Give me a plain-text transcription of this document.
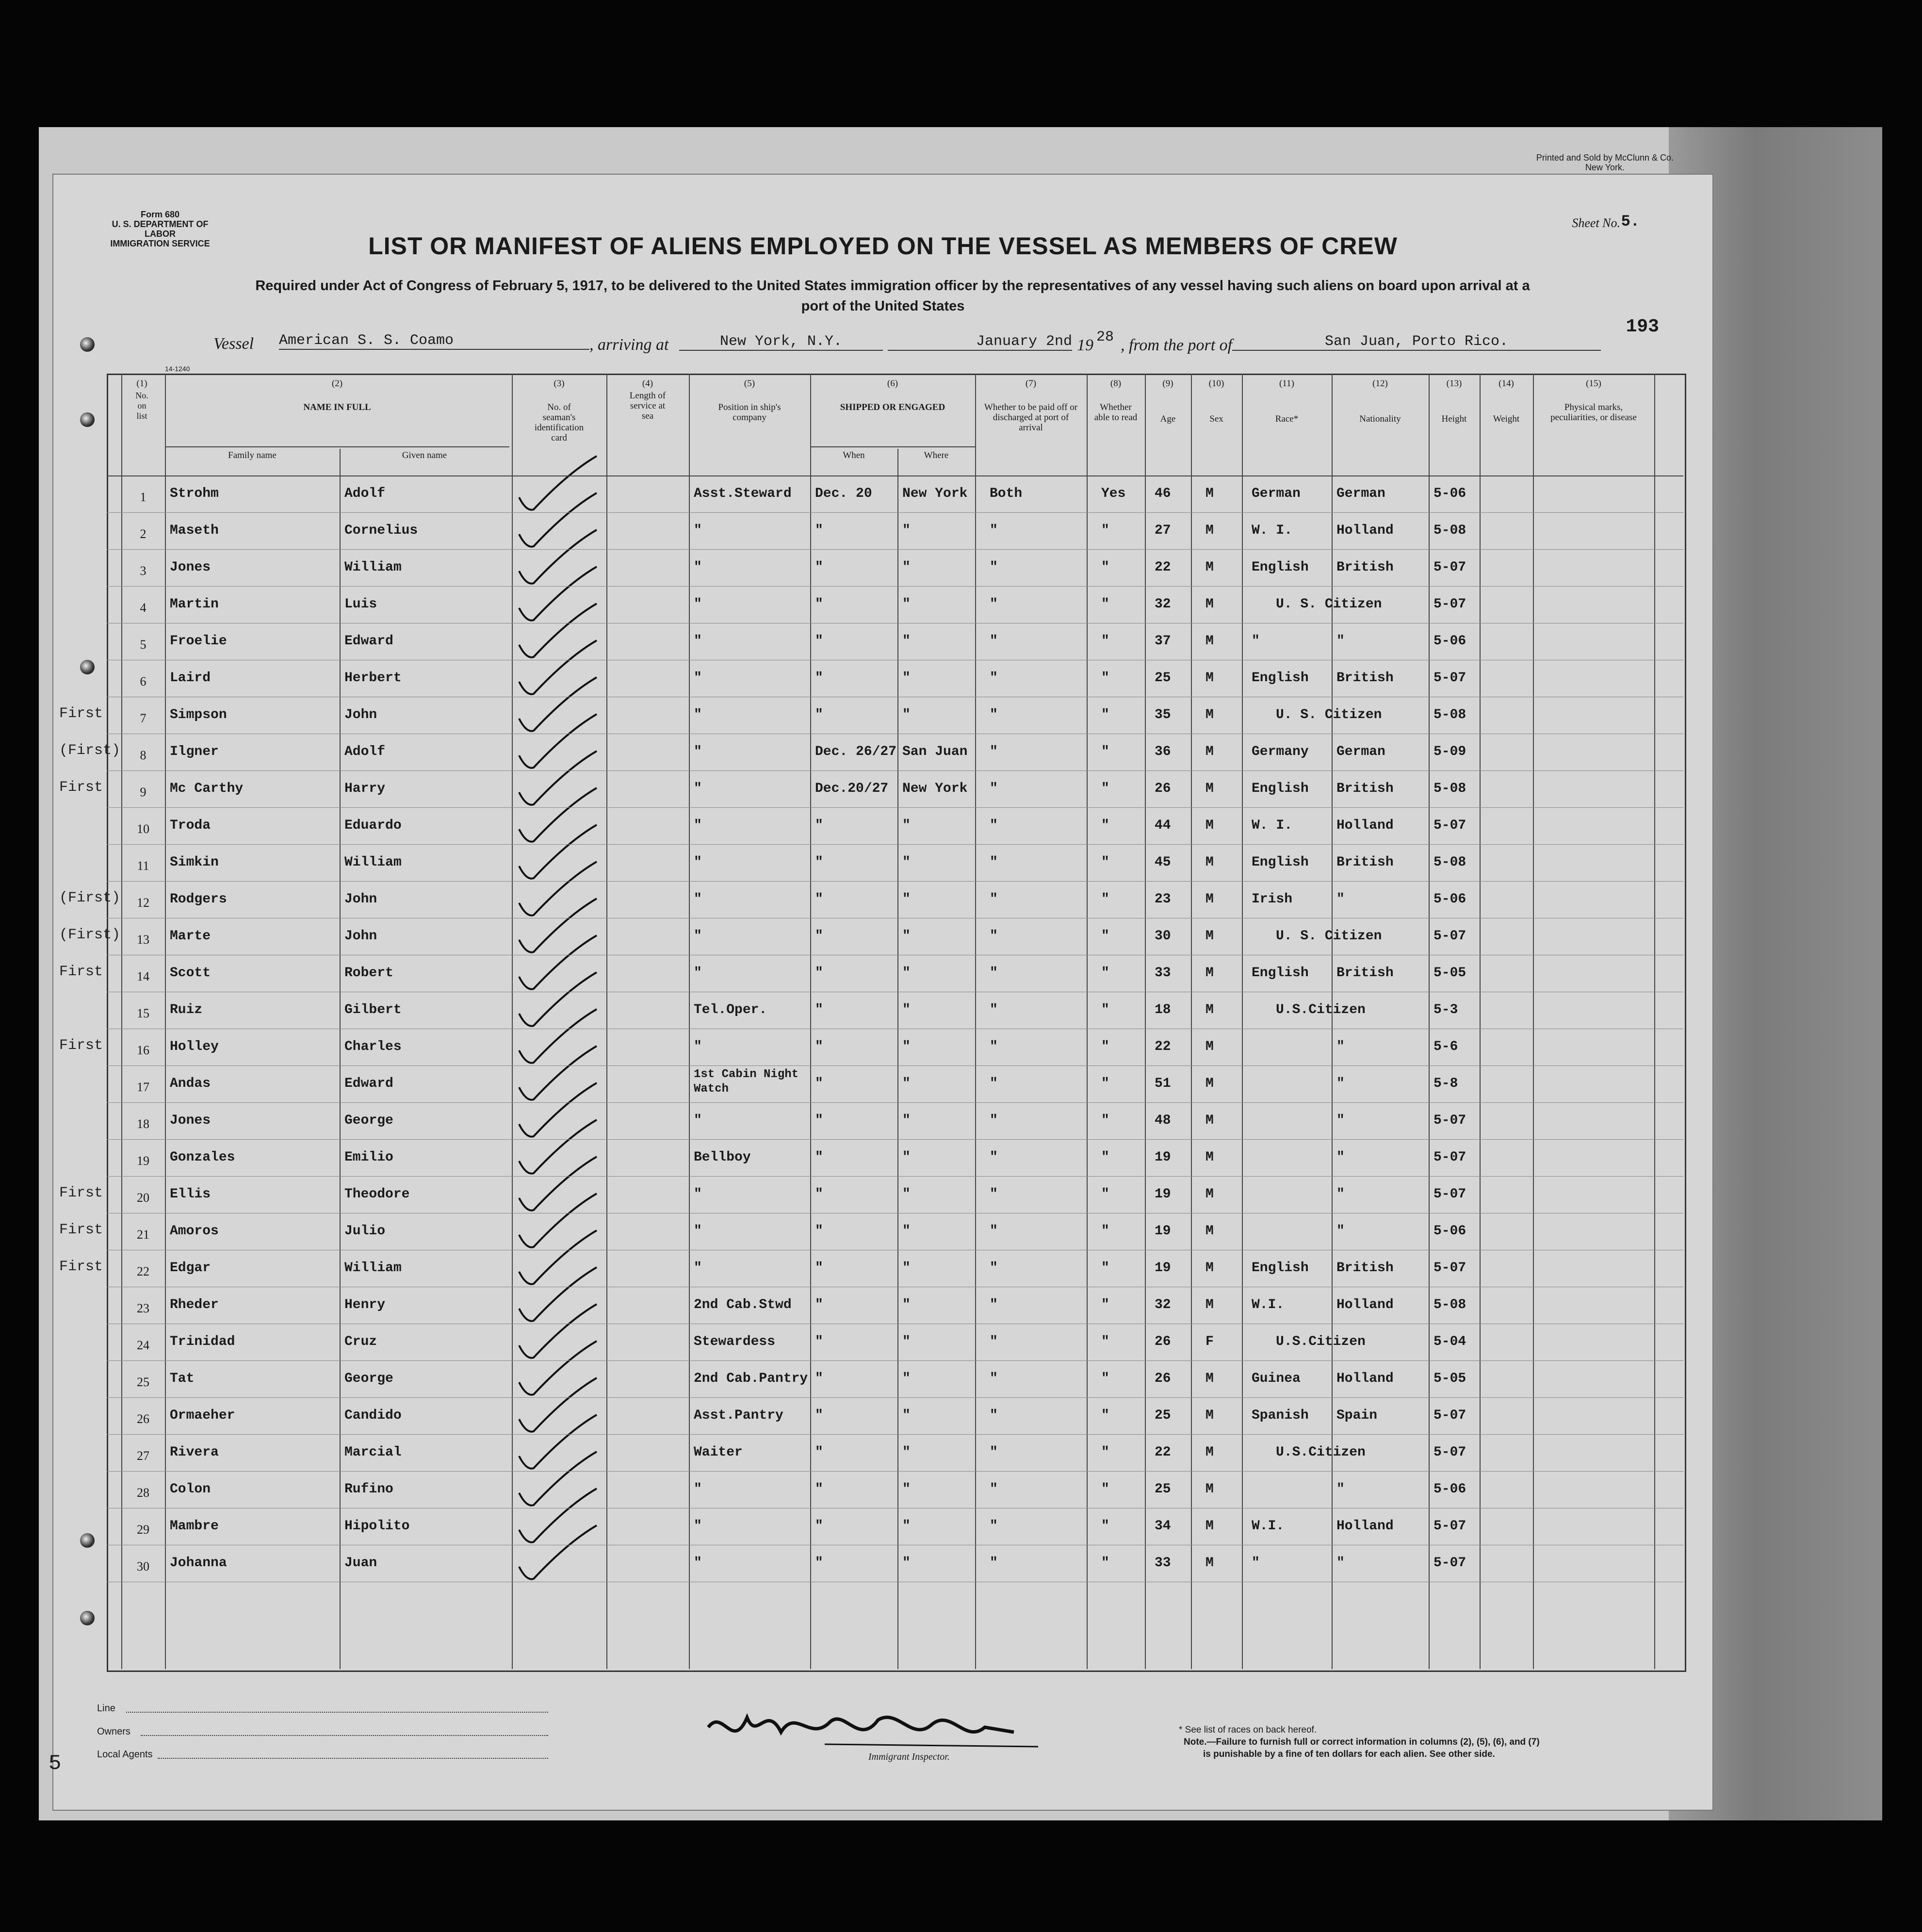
Form 680
U. S. DEPARTMENT OF LABOR
IMMIGRATION SERVICE
Printed and Sold by McClunn & Co.
New York.
Sheet No. 5.
LIST OR MANIFEST OF ALIENS EMPLOYED ON THE VESSEL AS MEMBERS OF CREW
Required under Act of Congress of February 5, 1917, to be delivered to the United States immigration officer by the representatives of any vessel having such aliens on board upon arrival at a
port of the United States
193
Vessel American S. S. Coamo	, arriving at	New York, N.Y.	January 2nd 19 28 , from the port of	San Juan, Porto Rico.
14-1240
(1)
No. on list
(2)
NAME IN FULL
Family name	Given name
(3)
No. of seaman's identification card
(4)
Length of service at sea
(5)
Position in ship's company
(6)
SHIPPED OR ENGAGED
When	Where
(7)
Whether to be paid off or discharged at port of arrival
(8)
Whether able to read
(9)
Age
(10)
Sex
(11)
Race*
(12)
Nationality
(13)
Height
(14)
Weight
(15)
Physical marks, peculiarities, or disease
Line
Owners
Local Agents
5	Immigrant Inspector.
* See list of races on back hereof.
Note.—Failure to furnish full or correct information in columns (2), (5), (6), and (7)
is punishable by a fine of ten dollars for each alien. See other side.
1	Strohm	Adolf	Asst.Steward Dec. 20 New York Both	Yes 46	M	German	German	5-06
2	Maseth	Cornelius	"	"	"	"	"	27	M	W. I.	Holland	5-08
3	Jones	William	"	"	"	"	"	22	M	English British	5-07
4	Martin	Luis	"	"	"	"	"	32	M	U. S. Citizen	5-07
5	Froelie	Edward	"	"	"	"	"	37	M	"	"	5-06
6	Laird	Herbert	"	"	"	"	"	25	M	English British	5-07
7
First	Simpson	John	"	"	"	"	"	35	M	U. S. Citizen	5-08
8
(First)	Ilgner	Adolf	"	Dec. 26/27 San Juan "	"	36	M	Germany German	5-09
9
First	Mc Carthy	Harry	"	Dec.20/27 New York "	"	26	M	English British	5-08
10	Troda	Eduardo	"	"	"	"	"	44	M	W. I.	Holland	5-07
11	Simkin	William	"	"	"	"	"	45	M	English British	5-08
12
(First)	Rodgers	John	"	"	"	"	"	23	M	Irish	"	5-06
13
(First)	Marte	John	"	"	"	"	"	30	M	U. S. Citizen	5-07
14
First	Scott	Robert	"	"	"	"	"	33	M	English British	5-05
15	Ruiz	Gilbert	Tel.Oper.	"	"	"	"	18	M	U.S.Citizen	5-3
16
First	Holley	Charles	"	"	"	"	"	22	M	"	5-6
17	Andas	Edward
1st Cabin Night Watch	"	"	"	"	51	M	"	5-8
18	Jones	George	"	"	"	"	"	48	M	"	5-07
19	Gonzales	Emilio	Bellboy	"	"	"	"	19	M	"	5-07
20
First	Ellis	Theodore	"	"	"	"	"	19	M	"	5-07
21
First	Amoros	Julio	"	"	"	"	"	19	M	"	5-06
22
First	Edgar	William	"	"	"	"	"	19	M	English British	5-07
23	Rheder	Henry	2nd Cab.Stwd "	"	"	"	32	M	W.I.	Holland	5-08
24	Trinidad	Cruz	Stewardess	"	"	"	"	26	F	U.S.Citizen	5-04
25	Tat	George	2nd Cab.Pantry "	"	"	"	26	M	Guinea	Holland	5-05
26	Ormaeher	Candido	Asst.Pantry "	"	"	"	25	M	Spanish Spain	5-07
27	Rivera	Marcial	Waiter	"	"	"	"	22	M	U.S.Citizen	5-07
28	Colon	Rufino	"	"	"	"	"	25	M	"	5-06
29	Mambre	Hipolito	"	"	"	"	"	34	M	W.I.	Holland	5-07
30	Johanna	Juan	"	"	"	"	"	33	M	"	"	5-07
